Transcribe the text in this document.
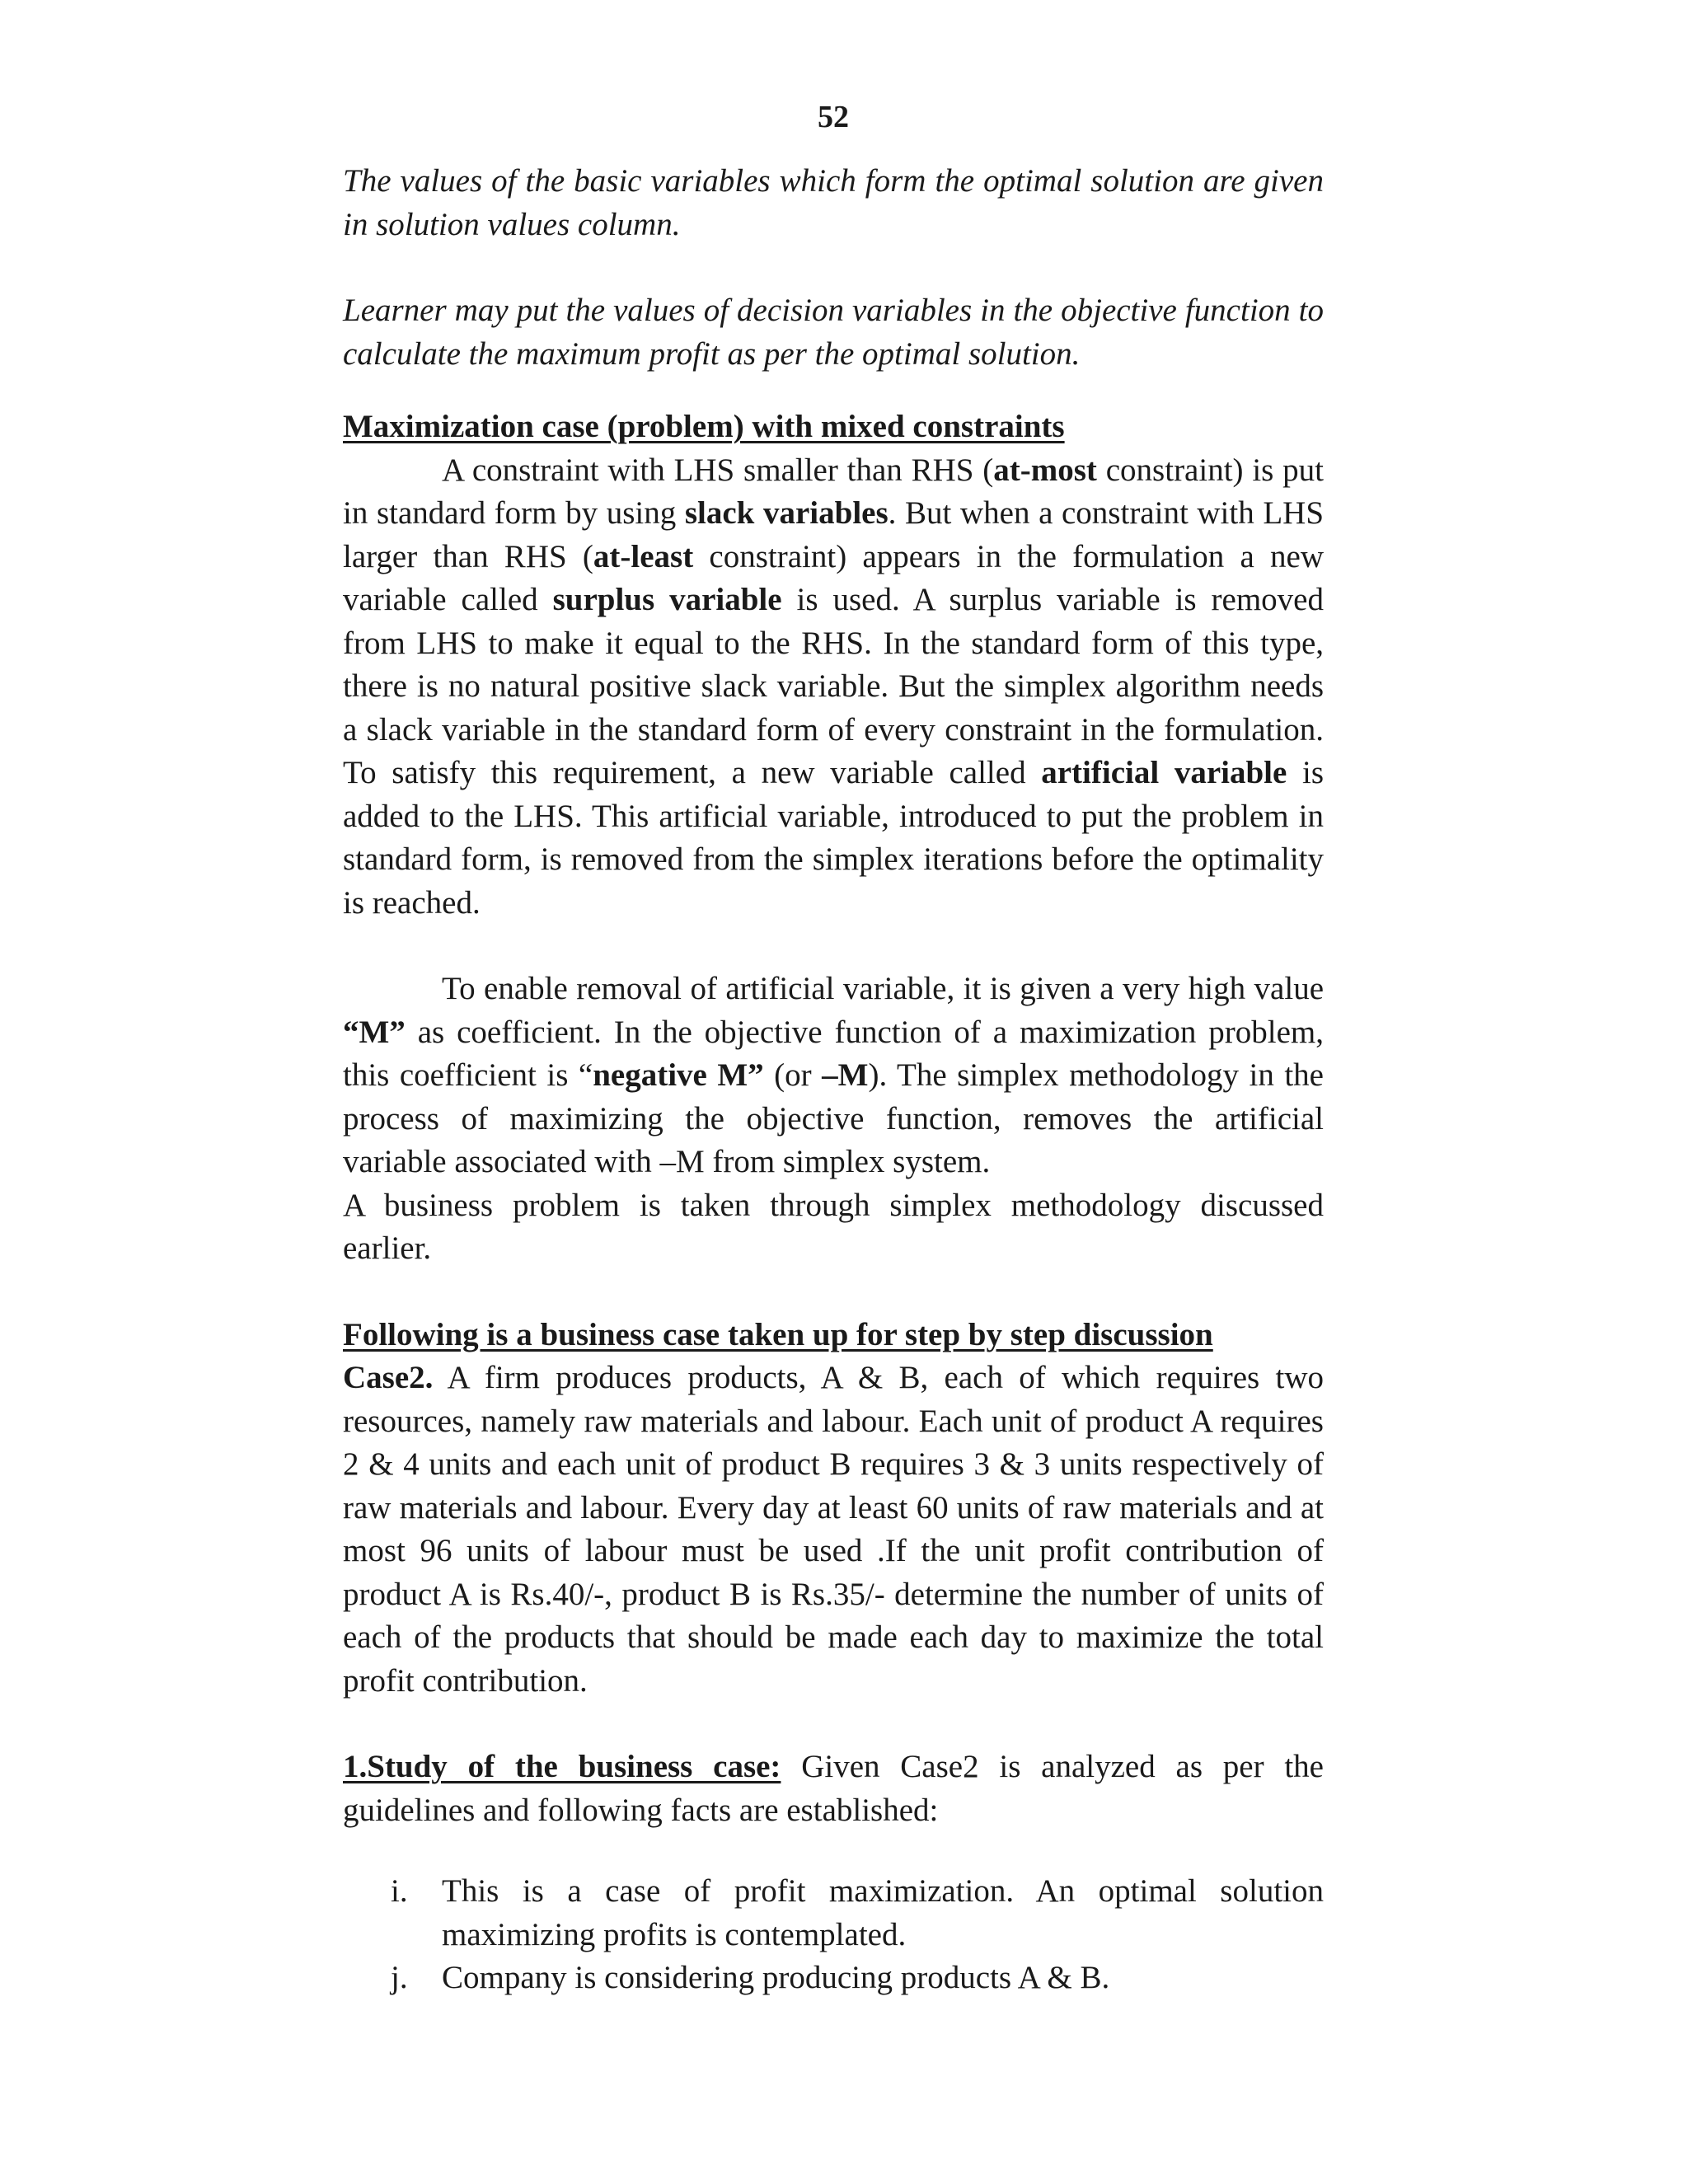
52

The values of the basic variables which form the optimal solution are given in solution values column.

Learner may put the values of decision variables in the objective function to calculate the maximum profit as per the optimal solution.

Maximization case (problem) with mixed constraints

A constraint with LHS smaller than RHS (at-most constraint) is put in standard form by using slack variables. But when a constraint with LHS larger than RHS (at-least constraint) appears in the formulation a new variable called surplus variable is used. A surplus variable is removed from LHS to make it equal to the RHS. In the standard form of this type, there is no natural positive slack variable. But the simplex algorithm needs a slack variable in the standard form of every constraint in the formulation. To satisfy this requirement, a new variable called artificial variable is added to the LHS. This artificial variable, introduced to put the problem in standard form, is removed from the simplex iterations before the optimality is reached.

To enable removal of artificial variable, it is given a very high value “M” as coefficient. In the objective function of a maximization problem, this coefficient is “negative M” (or –M). The simplex methodology in the process of maximizing the objective function, removes the artificial variable associated with –M from simplex system.

A business problem is taken through simplex methodology discussed earlier.

Following is a business case taken up for step by step discussion

Case2. A firm produces products, A & B, each of which requires two resources, namely raw materials and labour. Each unit of product A requires 2 & 4 units and each unit of product B requires 3 & 3 units respectively of raw materials and labour. Every day at least 60 units of raw materials and at most 96 units of labour must be used .If the unit profit contribution of product A is Rs.40/-, product B is Rs.35/- determine the number of units of each of the products that should be made each day to maximize the total profit contribution.

1.Study of the business case: Given Case2 is analyzed as per the guidelines and following facts are established:

i. This is a case of profit maximization. An optimal solution maximizing profits is contemplated.
j. Company is considering producing products A & B.
